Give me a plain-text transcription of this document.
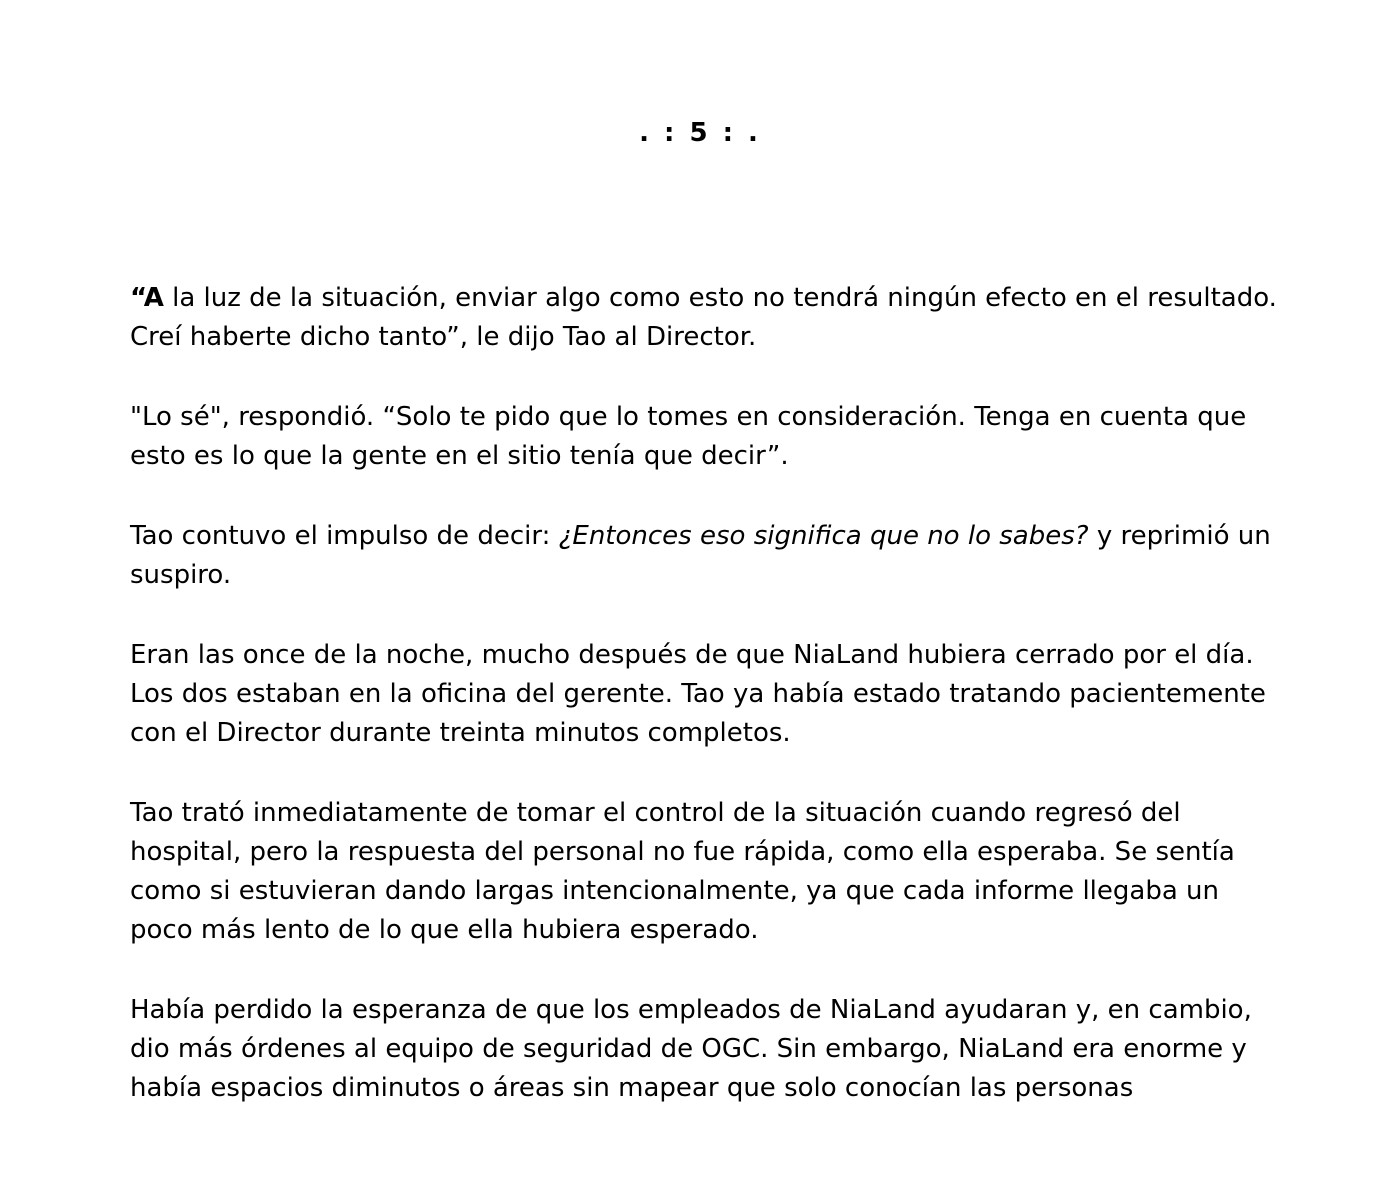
. : 5 : .

“A la luz de la situación, enviar algo como esto no tendrá ningún efecto en el resultado. Creí haberte dicho tanto”, le dijo Tao al Director.

"Lo sé", respondió. “Solo te pido que lo tomes en consideración. Tenga en cuenta que esto es lo que la gente en el sitio tenía que decir”.

Tao contuvo el impulso de decir: ¿Entonces eso significa que no lo sabes? y reprimió un suspiro.

Eran las once de la noche, mucho después de que NiaLand hubiera cerrado por el día. Los dos estaban en la oficina del gerente. Tao ya había estado tratando pacientemente con el Director durante treinta minutos completos.

Tao trató inmediatamente de tomar el control de la situación cuando regresó del hospital, pero la respuesta del personal no fue rápida, como ella esperaba. Se sentía como si estuvieran dando largas intencionalmente, ya que cada informe llegaba un poco más lento de lo que ella hubiera esperado.

Había perdido la esperanza de que los empleados de NiaLand ayudaran y, en cambio, dio más órdenes al equipo de seguridad de OGC. Sin embargo, NiaLand era enorme y había espacios diminutos o áreas sin mapear que solo conocían las personas
